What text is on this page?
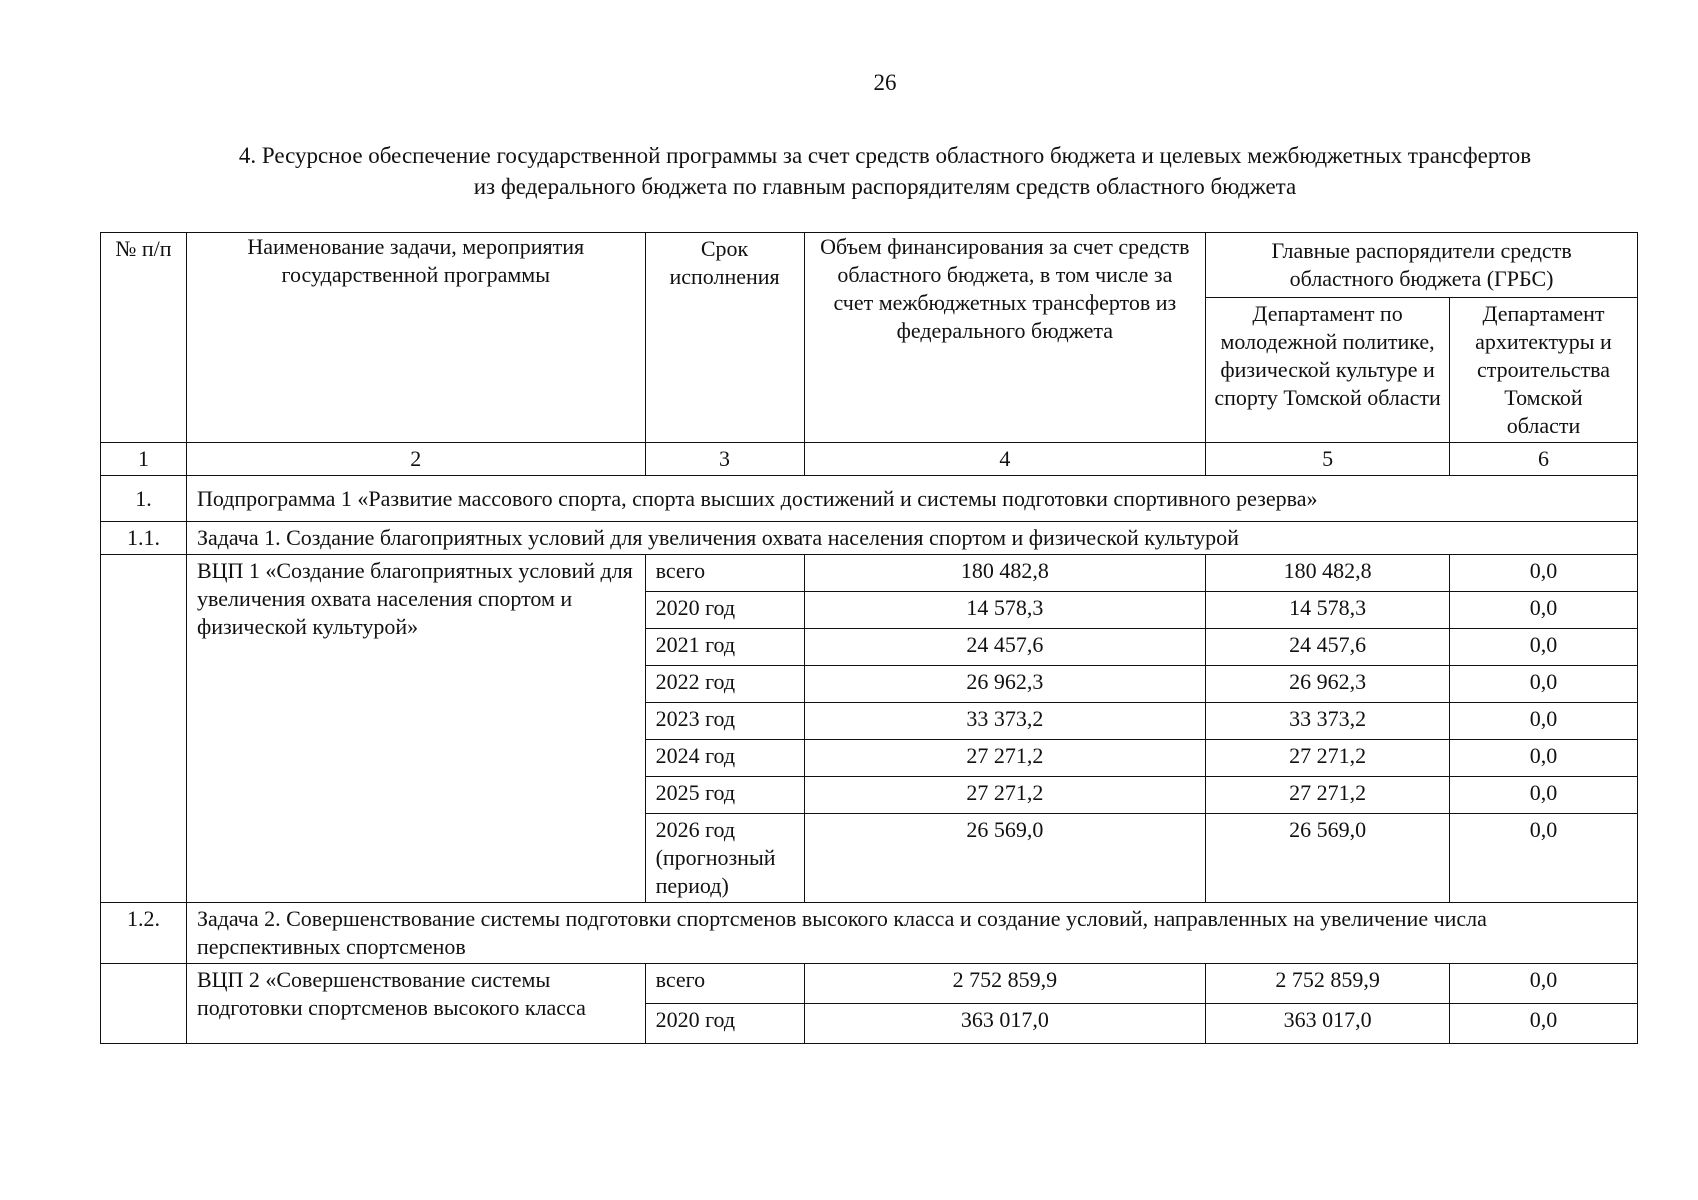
26
4. Ресурсное обеспечение государственной программы за счет средств областного бюджета и целевых межбюджетных трансфертов
из федерального бюджета по главным распорядителям средств областного бюджета
№ п/п	Наименование задачи, мероприятия государственной программы	Срок исполнения	Объем финансирования за счет средств областного бюджета, в том числе за счет межбюджетных трансфертов из федерального бюджета	Главные распорядители средств областного бюджета (ГРБС)	
				Департамент по молодежной политике, физической культуре и спорту Томской области	Департамент архитектуры и строительства Томской области
1	2	3	4	5	6
1.	Подпрограмма 1 «Развитие массового спорта, спорта высших достижений и системы подготовки спортивного резерва»				
1.1.	Задача 1. Создание благоприятных условий для увеличения охвата населения спортом и физической культурой				
	ВЦП 1 «Создание благоприятных условий для увеличения охвата населения спортом и физической культурой»	всего	180 482,8	180 482,8	0,0
		2020 год	14 578,3	14 578,3	0,0
		2021 год	24 457,6	24 457,6	0,0
		2022 год	26 962,3	26 962,3	0,0
		2023 год	33 373,2	33 373,2	0,0
		2024 год	27 271,2	27 271,2	0,0
		2025 год	27 271,2	27 271,2	0,0
		2026 год (прогнозный период)	26 569,0	26 569,0	0,0
1.2.	Задача 2. Совершенствование системы подготовки спортсменов высокого класса и создание условий, направленных на увеличение числа перспективных спортсменов				
	ВЦП 2 «Совершенствование системы подготовки спортсменов высокого класса	всего	2 752 859,9	2 752 859,9	0,0
		2020 год	363 017,0	363 017,0	0,0
